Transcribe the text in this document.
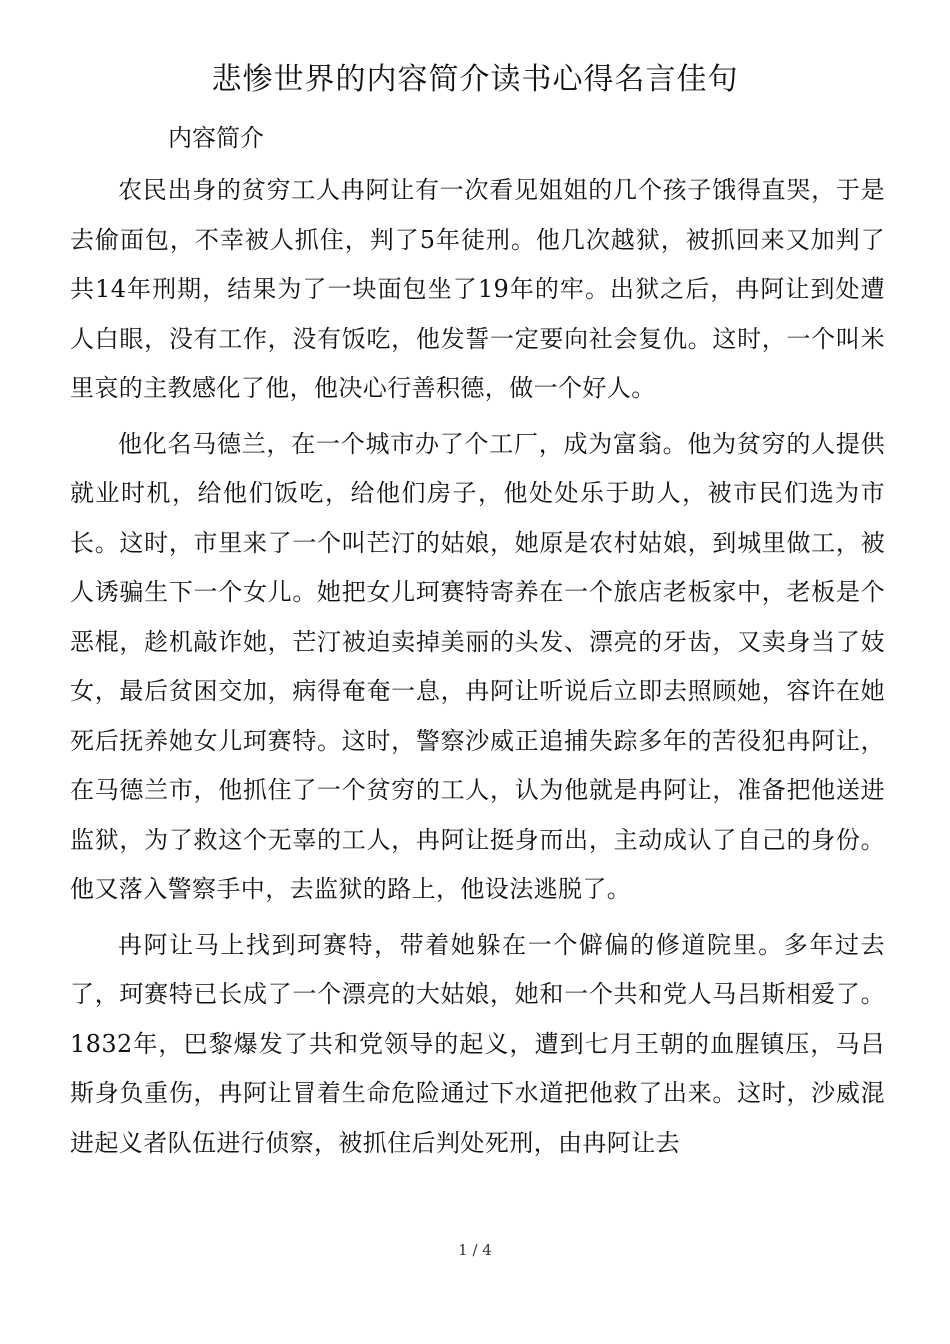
悲惨世界的内容简介读书心得名言佳句
内容简介

农民出身的贫穷工人冉阿让有一次看见姐姐的几个孩子饿得直哭，于是去偷面包，不幸被人抓住，判了5年徒刑。他几次越狱，被抓回来又加判了共14年刑期，结果为了一块面包坐了19年的牢。出狱之后，冉阿让到处遭人白眼，没有工作，没有饭吃，他发誓一定要向社会复仇。这时，一个叫米里哀的主教感化了他，他决心行善积德，做一个好人。

他化名马德兰，在一个城市办了个工厂，成为富翁。他为贫穷的人提供就业时机，给他们饭吃，给他们房子，他处处乐于助人，被市民们选为市长。这时，市里来了一个叫芒汀的姑娘，她原是农村姑娘，到城里做工，被人诱骗生下一个女儿。她把女儿珂赛特寄养在一个旅店老板家中，老板是个恶棍，趁机敲诈她，芒汀被迫卖掉美丽的头发、漂亮的牙齿，又卖身当了妓女，最后贫困交加，病得奄奄一息，冉阿让听说后立即去照顾她，容许在她死后抚养她女儿珂赛特。这时，警察沙威正追捕失踪多年的苦役犯冉阿让，在马德兰市，他抓住了一个贫穷的工人，认为他就是冉阿让，准备把他送进监狱，为了救这个无辜的工人，冉阿让挺身而出，主动成认了自己的身份。他又落入警察手中，去监狱的路上，他设法逃脱了。

冉阿让马上找到珂赛特，带着她躲在一个僻偏的修道院里。多年过去了，珂赛特已长成了一个漂亮的大姑娘，她和一个共和党人马吕斯相爱了。1832年，巴黎爆发了共和党领导的起义，遭到七月王朝的血腥镇压，马吕斯身负重伤，冉阿让冒着生命危险通过下水道把他救了出来。这时，沙威混进起义者队伍进行侦察，被抓住后判处死刑，由冉阿让去

1 / 4
